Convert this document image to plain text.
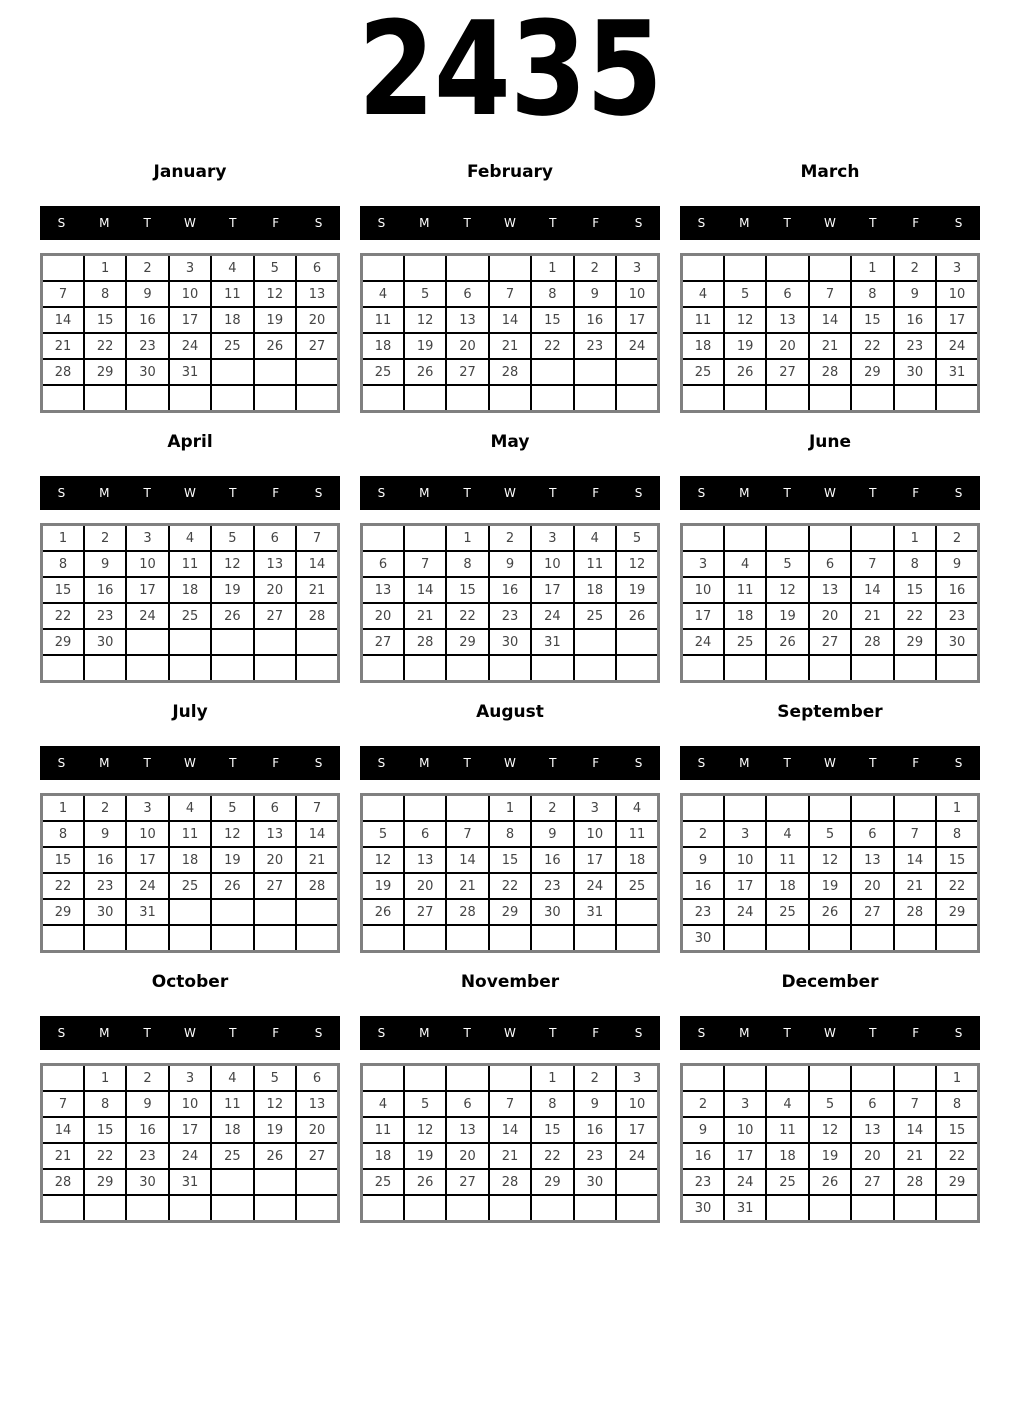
2435
January
S	M	T	W	T	F	S
	1	2	3	4	5	6
7	8	9	10	11	12	13
14	15	16	17	18	19	20
21	22	23	24	25	26	27
28	29	30	31			

February
S	M	T	W	T	F	S
				1	2	3
4	5	6	7	8	9	10
11	12	13	14	15	16	17
18	19	20	21	22	23	24
25	26	27	28			

March
S	M	T	W	T	F	S
				1	2	3
4	5	6	7	8	9	10
11	12	13	14	15	16	17
18	19	20	21	22	23	24
25	26	27	28	29	30	31

April
S	M	T	W	T	F	S
1	2	3	4	5	6	7
8	9	10	11	12	13	14
15	16	17	18	19	20	21
22	23	24	25	26	27	28
29	30					

May
S	M	T	W	T	F	S
		1	2	3	4	5
6	7	8	9	10	11	12
13	14	15	16	17	18	19
20	21	22	23	24	25	26
27	28	29	30	31		

June
S	M	T	W	T	F	S
					1	2
3	4	5	6	7	8	9
10	11	12	13	14	15	16
17	18	19	20	21	22	23
24	25	26	27	28	29	30

July
S	M	T	W	T	F	S
1	2	3	4	5	6	7
8	9	10	11	12	13	14
15	16	17	18	19	20	21
22	23	24	25	26	27	28
29	30	31				

August
S	M	T	W	T	F	S
			1	2	3	4
5	6	7	8	9	10	11
12	13	14	15	16	17	18
19	20	21	22	23	24	25
26	27	28	29	30	31	

September
S	M	T	W	T	F	S
						1
2	3	4	5	6	7	8
9	10	11	12	13	14	15
16	17	18	19	20	21	22
23	24	25	26	27	28	29
30						
October
S	M	T	W	T	F	S
	1	2	3	4	5	6
7	8	9	10	11	12	13
14	15	16	17	18	19	20
21	22	23	24	25	26	27
28	29	30	31			

November
S	M	T	W	T	F	S
				1	2	3
4	5	6	7	8	9	10
11	12	13	14	15	16	17
18	19	20	21	22	23	24
25	26	27	28	29	30	

December
S	M	T	W	T	F	S
						1
2	3	4	5	6	7	8
9	10	11	12	13	14	15
16	17	18	19	20	21	22
23	24	25	26	27	28	29
30	31					
